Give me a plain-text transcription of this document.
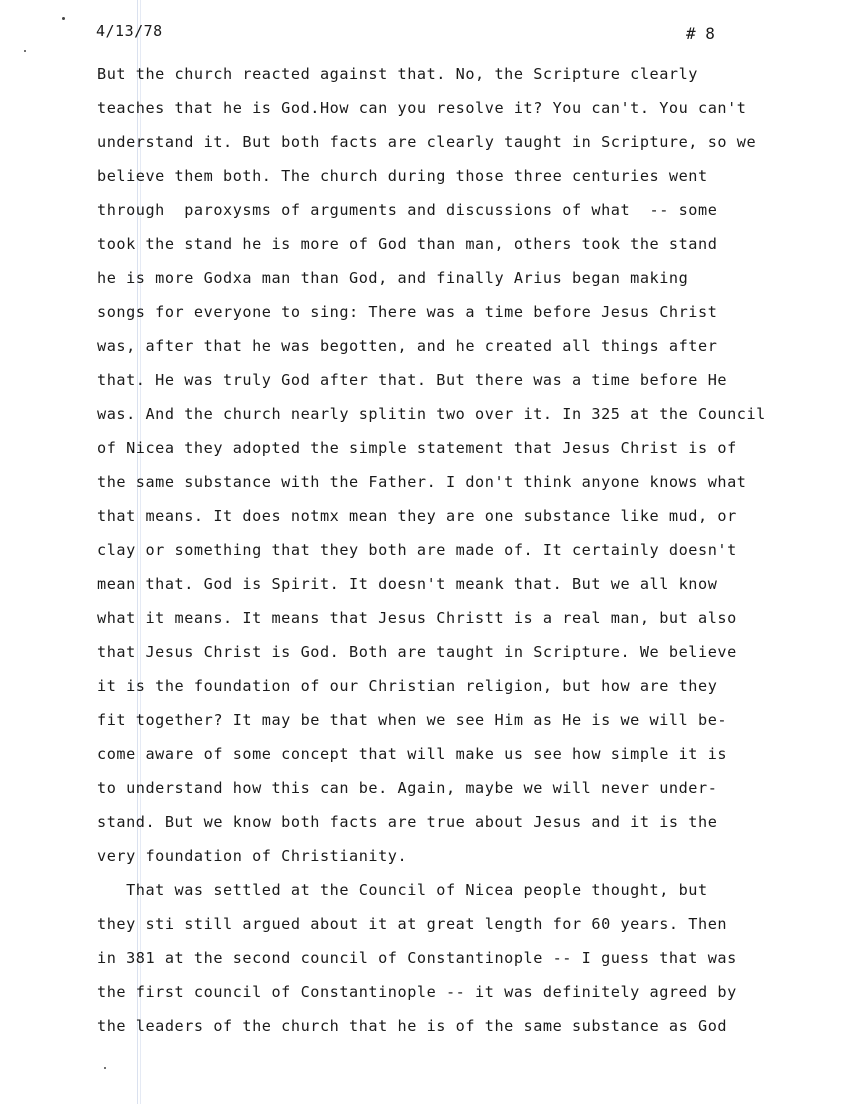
4/13/78	# 8
But the church reacted against that. No, the Scripture clearly
teaches that he is God.How can you resolve it? You can't. You can't
understand it. But both facts are clearly taught in Scripture, so we
believe them both. The church during those three centuries went
through  paroxysms of arguments and discussions of what  -- some
took the stand he is more of God than man, others took the stand
he is more Godxa man than God, and finally Arius began making
songs for everyone to sing: There was a time before Jesus Christ
was, after that he was begotten, and he created all things after
that. He was truly God after that. But there was a time before He
was. And the church nearly splitin two over it. In 325 at the Council
of Nicea they adopted the simple statement that Jesus Christ is of
the same substance with the Father. I don't think anyone knows what
that means. It does notmx mean they are one substance like mud, or
clay or something that they both are made of. It certainly doesn't
mean that. God is Spirit. It doesn't meank that. But we all know
what it means. It means that Jesus Christt is a real man, but also
that Jesus Christ is God. Both are taught in Scripture. We believe
it is the foundation of our Christian religion, but how are they
fit together? It may be that when we see Him as He is we will be-
come aware of some concept that will make us see how simple it is
to understand how this can be. Again, maybe we will never under-
stand. But we know both facts are true about Jesus and it is the
very foundation of Christianity.
That was settled at the Council of Nicea people thought, but
they sti still argued about it at great length for 60 years. Then
in 381 at the second council of Constantinople -- I guess that was
the first council of Constantinople -- it was definitely agreed by
the leaders of the church that he is of the same substance as God
